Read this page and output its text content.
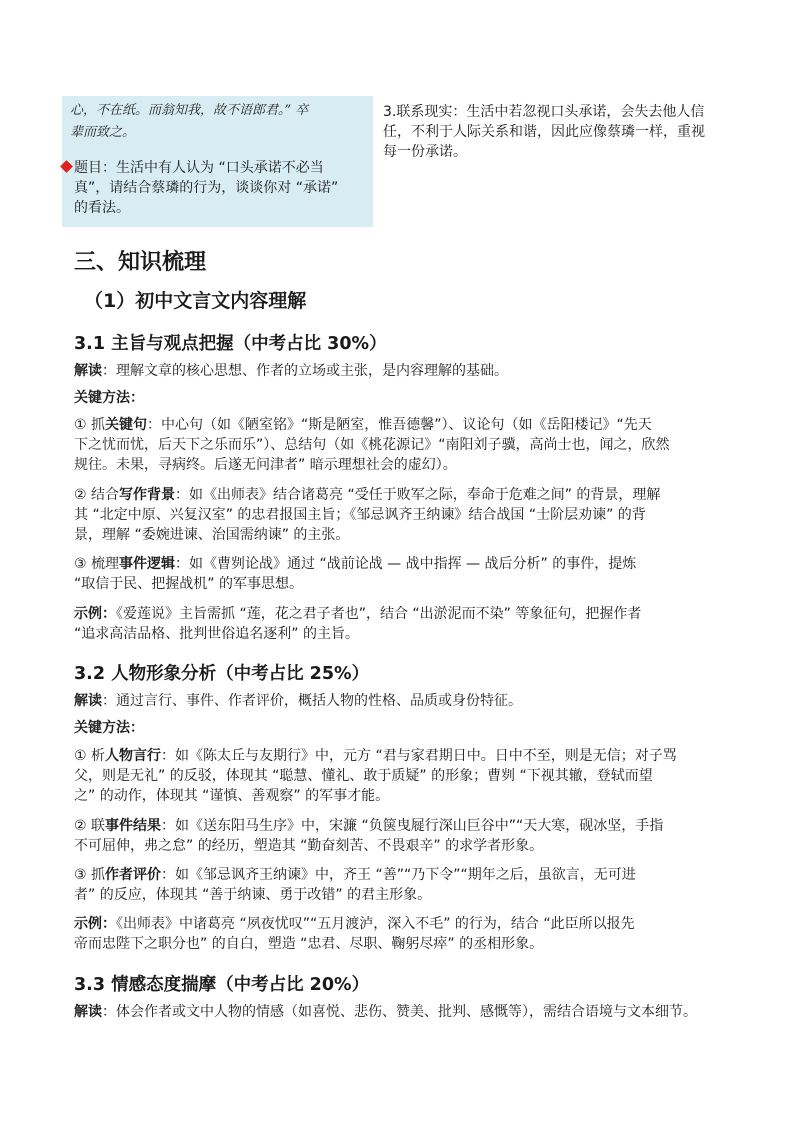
心，不在纸。而翁知我，故不语郎君。” 卒
辈而致之。
题目：生活中有人认为 “口头承诺不必当
真”，请结合蔡璘的行为，谈谈你对 “承诺”
的看法。
3.联系现实：生活中若忽视口头承诺，会失去他人信
任，不利于人际关系和谐，因此应像蔡璘一样，重视
每一份承诺。
三、知识梳理
（1）初中文言文内容理解
3.1 主旨与观点把握（中考占比 30%）
解读：理解文章的核心思想、作者的立场或主张，是内容理解的基础。
关键方法：
① 抓关键句：中心句（如《陋室铭》“斯是陋室，惟吾德馨”）、议论句（如《岳阳楼记》“先天
下之忧而忧，后天下之乐而乐”）、总结句（如《桃花源记》“南阳刘子骥，高尚士也，闻之，欣然
规往。未果，寻病终。后遂无问津者” 暗示理想社会的虚幻）。
② 结合写作背景：如《出师表》结合诸葛亮 “受任于败军之际，奉命于危难之间” 的背景，理解
其 “北定中原、兴复汉室” 的忠君报国主旨；《邹忌讽齐王纳谏》结合战国 “士阶层劝谏” 的背
景，理解 “委婉进谏、治国需纳谏” 的主张。
③ 梳理事件逻辑：如《曹刿论战》通过 “战前论战 — 战中指挥 — 战后分析” 的事件，提炼
“取信于民、把握战机” 的军事思想。
示例：《爱莲说》主旨需抓 “莲，花之君子者也”，结合 “出淤泥而不染” 等象征句，把握作者
“追求高洁品格、批判世俗追名逐利” 的主旨。
3.2 人物形象分析（中考占比 25%）
解读：通过言行、事件、作者评价，概括人物的性格、品质或身份特征。
关键方法：
① 析人物言行：如《陈太丘与友期行》中，元方 “君与家君期日中。日中不至，则是无信；对子骂
父，则是无礼” 的反驳，体现其 “聪慧、懂礼、敢于质疑” 的形象；曹刿 “下视其辙，登轼而望
之” 的动作，体现其 “谨慎、善观察” 的军事才能。
② 联事件结果：如《送东阳马生序》中，宋濂 “负箧曳屣行深山巨谷中”“天大寒，砚冰坚，手指
不可屈伸，弗之怠” 的经历，塑造其 “勤奋刻苦、不畏艰辛” 的求学者形象。
③ 抓作者评价：如《邹忌讽齐王纳谏》中，齐王 “善”“乃下令”“期年之后，虽欲言，无可进
者” 的反应，体现其 “善于纳谏、勇于改错” 的君主形象。
示例：《出师表》中诸葛亮 “夙夜忧叹”“五月渡泸，深入不毛” 的行为，结合 “此臣所以报先
帝而忠陛下之职分也” 的自白，塑造 “忠君、尽职、鞠躬尽瘁” 的丞相形象。
3.3 情感态度揣摩（中考占比 20%）
解读：体会作者或文中人物的情感（如喜悦、悲伤、赞美、批判、感慨等），需结合语境与文本细节。
